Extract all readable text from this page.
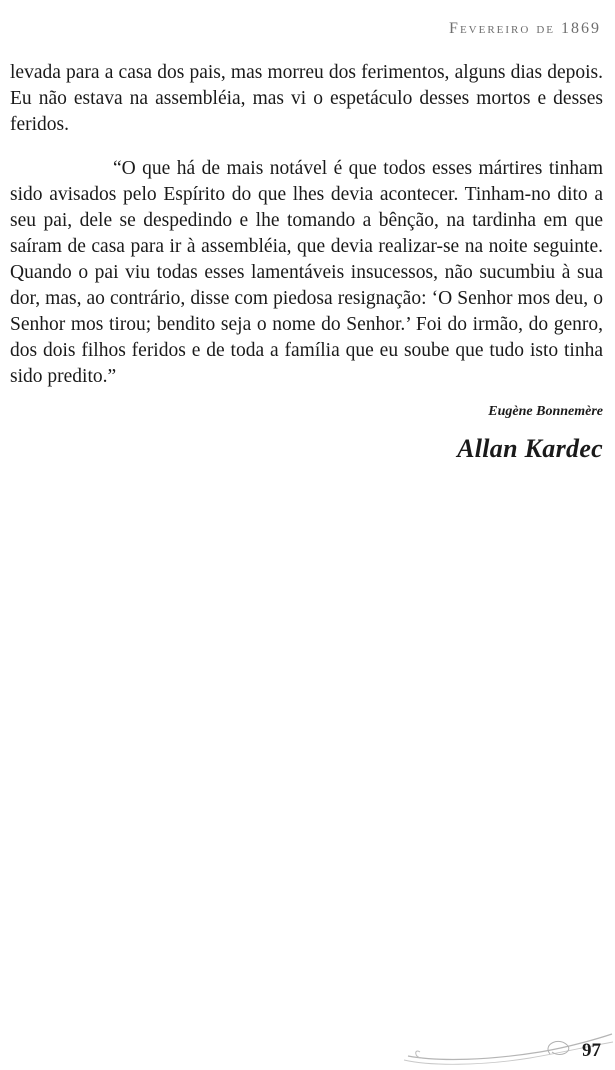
Fevereiro de 1869

levada para a casa dos pais, mas morreu dos ferimentos, alguns dias depois. Eu não estava na assembléia, mas vi o espetáculo desses mortos e desses feridos.

“O que há de mais notável é que todos esses mártires tinham sido avisados pelo Espírito do que lhes devia acontecer. Tinham-no dito a seu pai, dele se despedindo e lhe tomando a bênção, na tardinha em que saíram de casa para ir à assembléia, que devia realizar-se na noite seguinte. Quando o pai viu todas esses lamentáveis insucessos, não sucumbiu à sua dor, mas, ao contrário, disse com piedosa resignação: ‘O Senhor mos deu, o Senhor mos tirou; bendito seja o nome do Senhor.’ Foi do irmão, do genro, dos dois filhos feridos e de toda a família que eu soube que tudo isto tinha sido predito.”

Eugène Bonnemère
Allan Kardec
97
